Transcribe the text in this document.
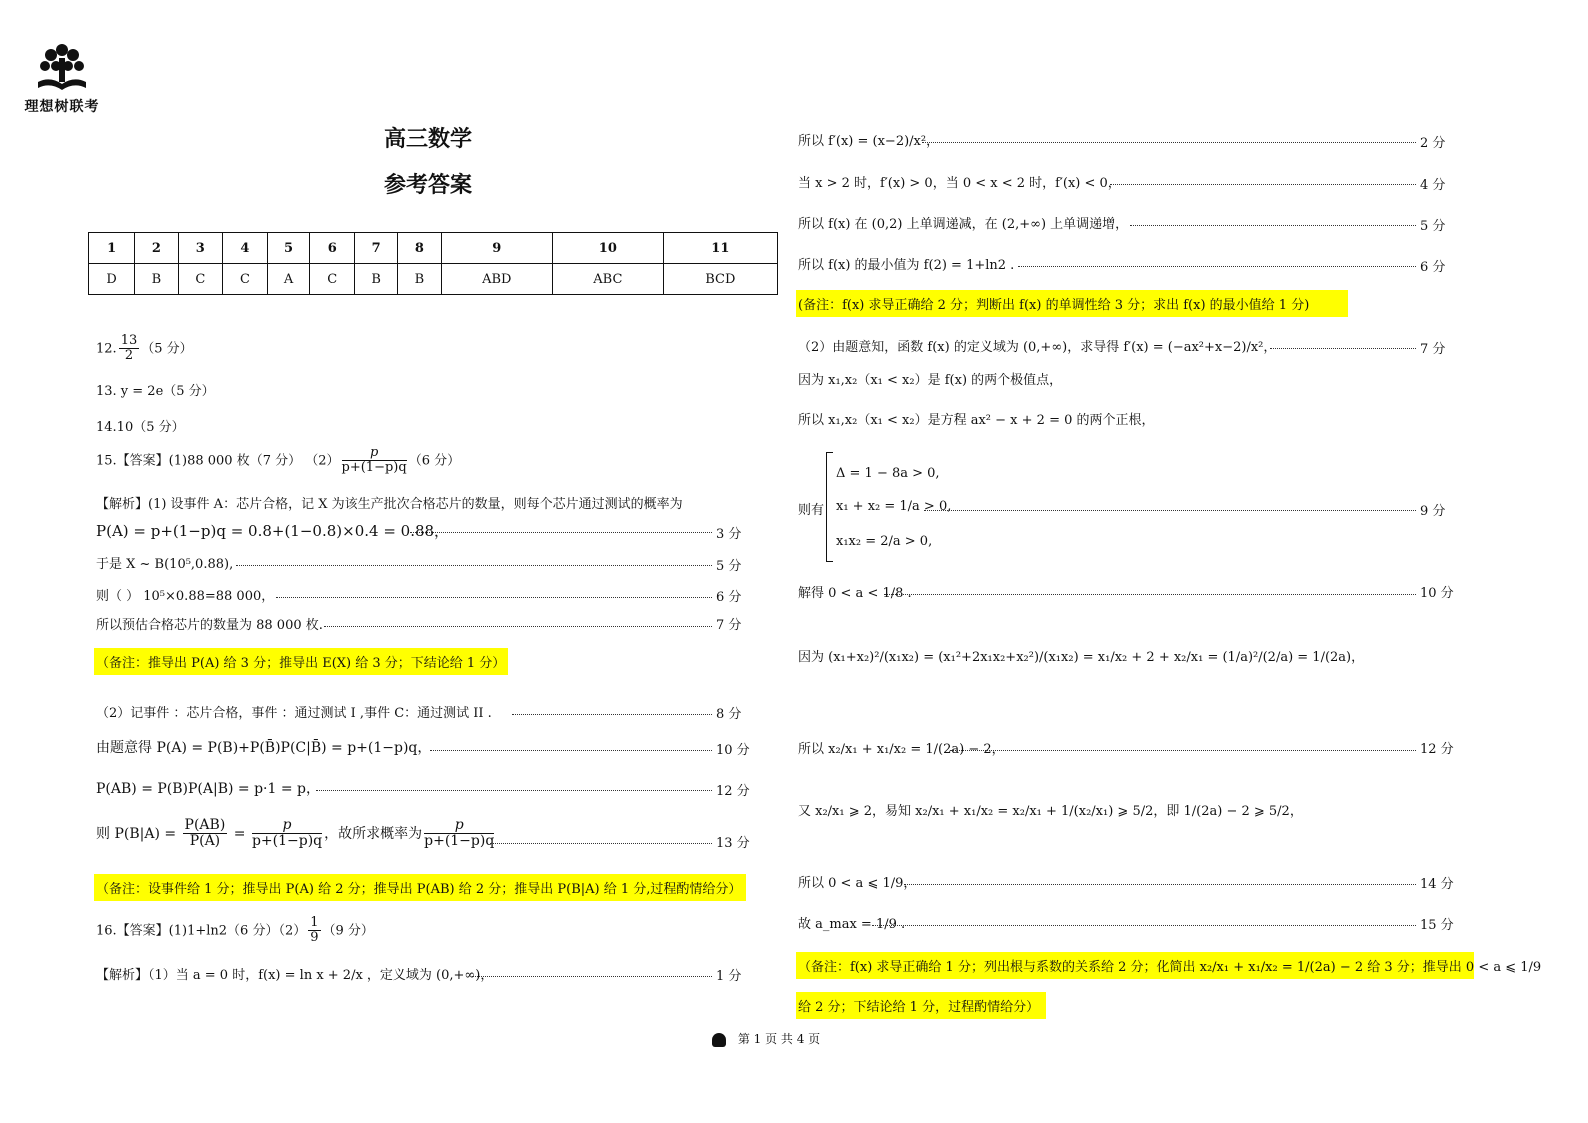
理想树联考
高三数学
参考答案
1	2	3	4	5	6	7	8	9	10	11
D	B	C	C	A	C	B	B	ABD	ABC	BCD
12. $\frac{13}{2} (5$ 分）
13. y = 2e（5 分）
14.10（5 分）
15.【答案】(1)88 000 枚（7 分） $(2) \frac{p}{p+(1-p)q} (6$ 分）
【解析】(1) 设事件 A：芯片合格，记 X 为该生产批次合格芯片的数量，则每个芯片通过测试的概率为
P(A) = p+(1−p)q = 0.8+(1−0.8)×0.4 = 0.88，	3 分
于是 X ~ B(10⁵,0.88),	5 分
则（ ） 10⁵×0.88=88 000，	6 分
所以预估合格芯片的数量为 88 000 枚.	7 分
（备注：推导出 P(A) 给 3 分；推导出 E(X) 给 3 分；下结论给 1 分）
（2）记事件 ：芯片合格，事件 ：通过测试 I ,事件 C：通过测试 II .	8 分
由题意得 P(A) = P(B)+P(B̄)P(C|B̄) = p+(1−p)q，	10 分
P(AB) = P(B)P(A|B) = p·1 = p，	12 分
则 $P(B|A) = \frac{P(AB)}{P(A)} = \frac{p}{p+(1-p)q}$ ，故所求概率为 $\frac{p}{p+(1-p)q}$	13 分
（备注：设事件给 1 分；推导出 P(A) 给 2 分；推导出 P(AB) 给 2 分；推导出 P(B|A) 给 1 分,过程酌情给分）
16.【答案】(1)1+ln2（6 分）$(2) \frac{1}{9} (9$ 分）
【解析】（1）当 a = 0 时，f(x) = ln x + 2/x ，定义域为 (0,+∞)，	1 分
所以 f′(x) = (x−2)/x²，	2 分
当 x > 2 时，f′(x) > 0，当 0 < x < 2 时，f′(x) < 0，	4 分
所以 f(x) 在 (0,2) 上单调递减，在 (2,+∞) 上单调递增，	5 分
所以 f(x) 的最小值为 f(2) = 1+ln2 .	6 分
(备注：f(x) 求导正确给 2 分；判断出 f(x) 的单调性给 3 分；求出 f(x) 的最小值给 1 分)
（2）由题意知，函数 f(x) 的定义域为 (0,+∞)，求导得 f′(x) = (−ax²+x−2)/x²，	7 分
因为 x₁,x₂（x₁ < x₂）是 f(x) 的两个极值点，
所以 x₁,x₂（x₁ < x₂）是方程 ax² − x + 2 = 0 的两个正根，
则有
Δ = 1 − 8a > 0,
x₁ + x₂ = 1/a > 0,
x₁x₂ = 2/a > 0,
9 分
解得 0 < a < 1/8 .	10 分
因为 (x₁+x₂)²/(x₁x₂) = (x₁²+2x₁x₂+x₂²)/(x₁x₂) = x₁/x₂ + 2 + x₂/x₁ = (1/a)²/(2/a) = 1/(2a)，
所以 x₂/x₁ + x₁/x₂ = 1/(2a) − 2，	12 分
又 x₂/x₁ ⩾ 2，易知 x₂/x₁ + x₁/x₂ = x₂/x₁ + 1/(x₂/x₁) ⩾ 5/2，即 1/(2a) − 2 ⩾ 5/2，
所以 0 < a ⩽ 1/9，	14 分
故 a_max = 1/9 .	15 分
（备注：f(x) 求导正确给 1 分；列出根与系数的关系给 2 分；化简出 x₂/x₁ + x₁/x₂ = 1/(2a) − 2 给 3 分；推导出 0 < a ⩽ 1/9
给 2 分；下结论给 1 分，过程酌情给分）
第 1 页 共 4 页
